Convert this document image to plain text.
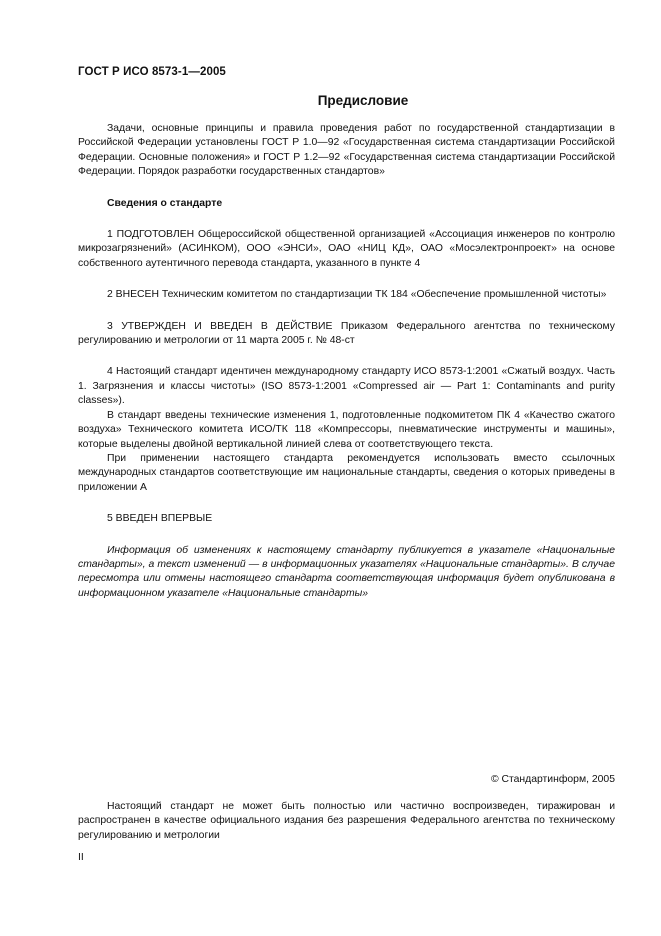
ГОСТ Р ИСО 8573-1—2005
Предисловие

Задачи, основные принципы и правила проведения работ по государственной стандартизации в Российской Федерации установлены ГОСТ Р 1.0—92 «Государственная система стандартизации Российской Федерации. Основные положения» и ГОСТ Р 1.2—92 «Государственная система стандартизации Российской Федерации. Порядок разработки государственных стандартов»

Сведения о стандарте

1 ПОДГОТОВЛЕН Общероссийской общественной организацией «Ассоциация инженеров по контролю микрозагрязнений» (АСИНКОМ), ООО «ЭНСИ», ОАО «НИЦ КД», ОАО «Мосэлектронпроект» на основе собственного аутентичного перевода стандарта, указанного в пункте 4

2 ВНЕСЕН Техническим комитетом по стандартизации ТК 184 «Обеспечение промышленной чистоты»

3 УТВЕРЖДЕН И ВВЕДЕН В ДЕЙСТВИЕ Приказом Федерального агентства по техническому регулированию и метрологии от 11 марта 2005 г. № 48-ст

4 Настоящий стандарт идентичен международному стандарту ИСО 8573-1:2001 «Сжатый воздух. Часть 1. Загрязнения и классы чистоты» (ISO 8573-1:2001 «Compressed air — Part 1: Contaminants and purity classes»).

В стандарт введены технические изменения 1, подготовленные подкомитетом ПК 4 «Качество сжатого воздуха» Технического комитета ИСО/ТК 118 «Компрессоры, пневматические инструменты и машины», которые выделены двойной вертикальной линией слева от соответствующего текста.

При применении настоящего стандарта рекомендуется использовать вместо ссылочных международных стандартов соответствующие им национальные стандарты, сведения о которых приведены в приложении А

5 ВВЕДЕН ВПЕРВЫЕ

Информация об изменениях к настоящему стандарту публикуется в указателе «Национальные стандарты», а текст изменений — в информационных указателях «Национальные стандарты». В случае пересмотра или отмены настоящего стандарта соответствующая информация будет опубликована в информационном указателе «Национальные стандарты»

© Стандартинформ, 2005

Настоящий стандарт не может быть полностью или частично воспроизведен, тиражирован и распространен в качестве официального издания без разрешения Федерального агентства по техническому регулированию и метрологии

II
